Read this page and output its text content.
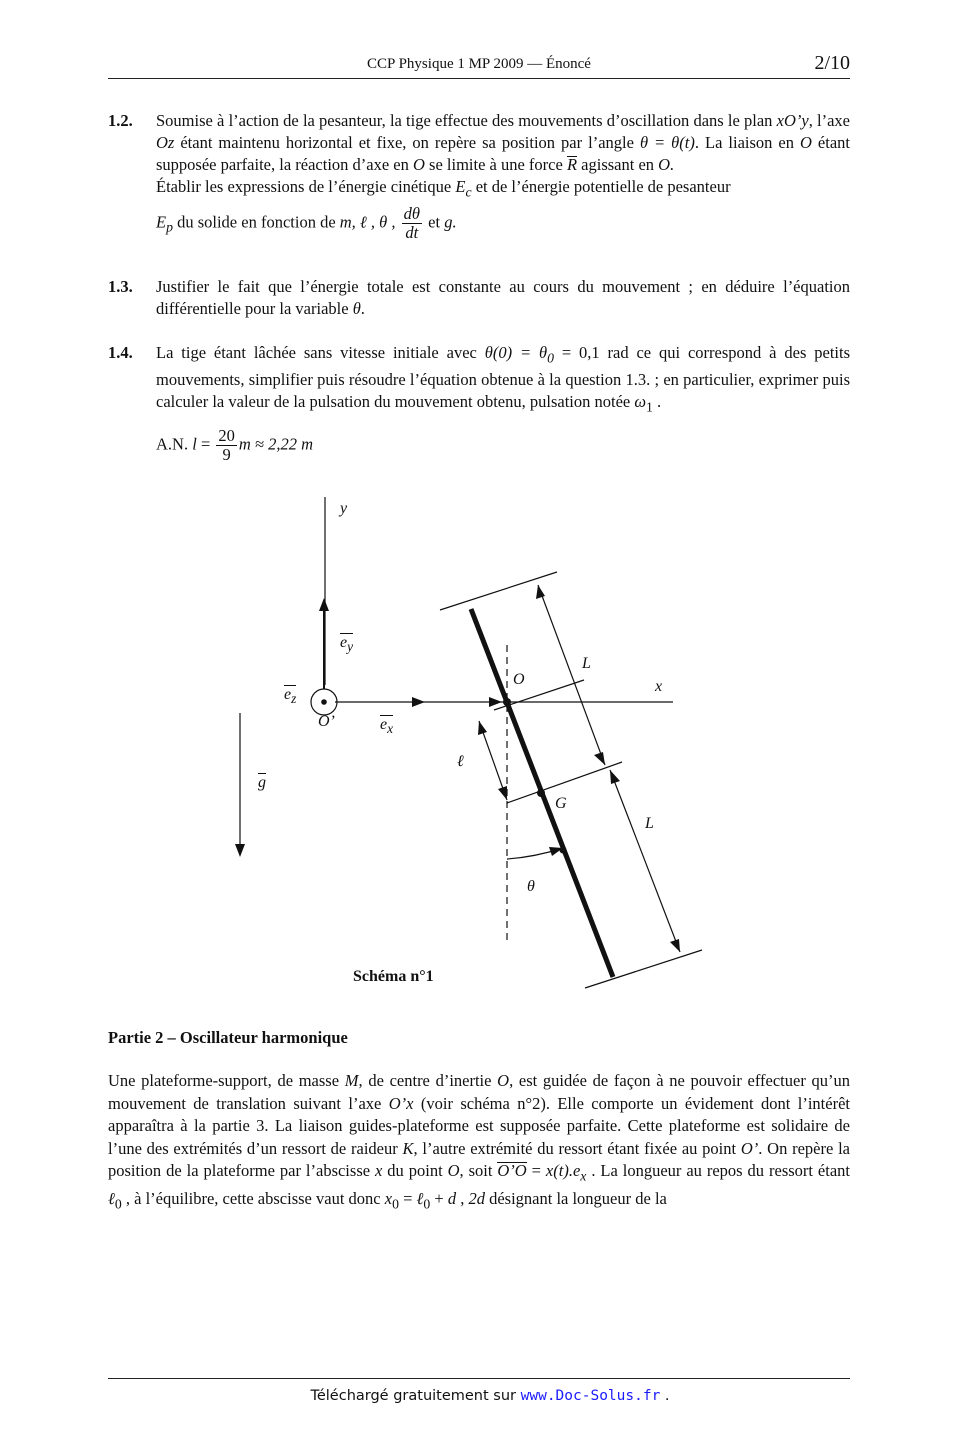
CCP Physique 1 MP 2009 — Énoncé	2/10
1.2. Soumise à l’action de la pesanteur, la tige effectue des mouvements d’oscillation dans le plan xO’y, l’axe Oz étant maintenu horizontal et fixe, on repère sa position par l’angle θ = θ(t). La liaison en O étant supposée parfaite, la réaction d’axe en O se limite à une force R agissant en O.

Établir les expressions de l’énergie cinétique $E_c$ et de l’énergie potentielle de pesanteur

$E_p$ du solide en fonction de m, ℓ , θ , $\frac{d\theta}{dt}$ et g.

1.3. Justifier le fait que l’énergie totale est constante au cours du mouvement ; en déduire l’équation différentielle pour la variable θ.

1.4. La tige étant lâchée sans vitesse initiale avec $\theta(0) = \theta_0 = 0,1$ rad ce qui correspond à des petits mouvements, simplifier puis résoudre l’équation obtenue à la question 1.3. ; en particulier, exprimer puis calculer la valeur de la pulsation du mouvement obtenu, pulsation notée $\omega_1$ .

A.N. $l = \frac{20}{9}$ m ≈ 2,22 m

y
x
$e_y$
$e_z$
$e_x$
O’
O
L
L
ℓ
G
g
θ
Schéma n°1
Partie 2 – Oscillateur harmonique

Une plateforme-support, de masse M, de centre d’inertie O, est guidée de façon à ne pouvoir effectuer qu’un mouvement de translation suivant l’axe O’x (voir schéma n°2). Elle comporte un évidement dont l’intérêt apparaîtra à la partie 3. La liaison guides-plateforme est supposée parfaite. Cette plateforme est solidaire de l’une des extrémités d’un ressort de raideur K, l’autre extrémité du ressort étant fixée au point O’. On repère la position de la plateforme par l’abscisse x du point O, soit O’O = $x(t).e_x$ . La longueur au repos du ressort étant ℓ$_0$ , à l’équilibre, cette abscisse vaut donc $x_0$ = ℓ$_0$ + d , 2d désignant la longueur de la

Téléchargé gratuitement sur www.Doc-Solus.fr .
